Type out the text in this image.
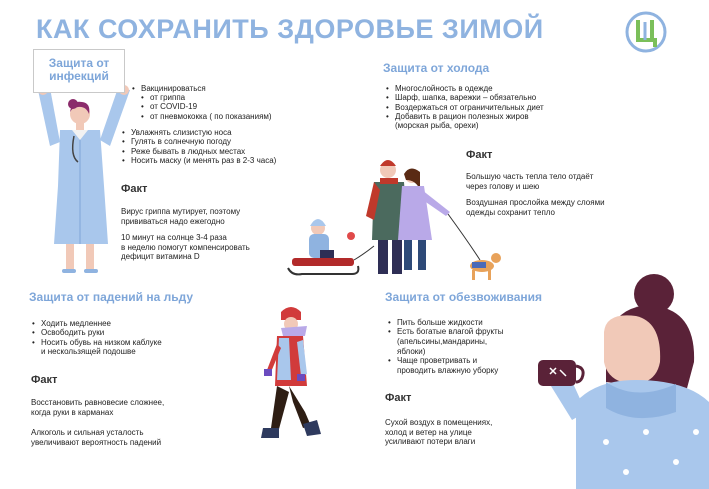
КАК СОХРАНИТЬ ЗДОРОВЬЕ ЗИМОЙ
Защита от
инфекций
• Вакцинироваться
• от гриппа
• от COVID-19
• от пневмококка ( по показаниям)
• Увлажнять слизистую носа
• Гулять в солнечную погоду
• Реже бывать в людных местах
• Носить маску (и менять раз в 2-3 часа)
Факт
Вирус гриппа мутирует, поэтому
прививаться надо ежегодно
10 минут на солнце 3-4 раза
в неделю помогут компенсировать
дефицит витамина D
Защита от холода
• Многослойность в одежде
• Шарф, шапка, варежки – обязательно
• Воздержаться от ограничительных диет
• Добавить в рацион полезных жиров
(морская рыба, орехи)
Факт
Большую часть тепла тело отдаёт
через голову и шею
Воздушная прослойка между слоями
одежды сохранит тепло
Защита от падений на льду
• Ходить медленнее
• Освободить руки
• Носить обувь на низком каблуке
и нескользящей подошве
Факт
Восстановить равновесие сложнее,
когда руки в карманах
Алкоголь и сильная усталость
увеличивают вероятность падений
Защита от обезвоживания
• Пить больше жидкости
• Есть богатые влагой фрукты
(апельсины,мандарины,
яблоки)
• Чаще проветривать и
проводить влажную уборку
Факт
Сухой воздух в помещениях,
холод и ветер на улице
усиливают потери влаги
